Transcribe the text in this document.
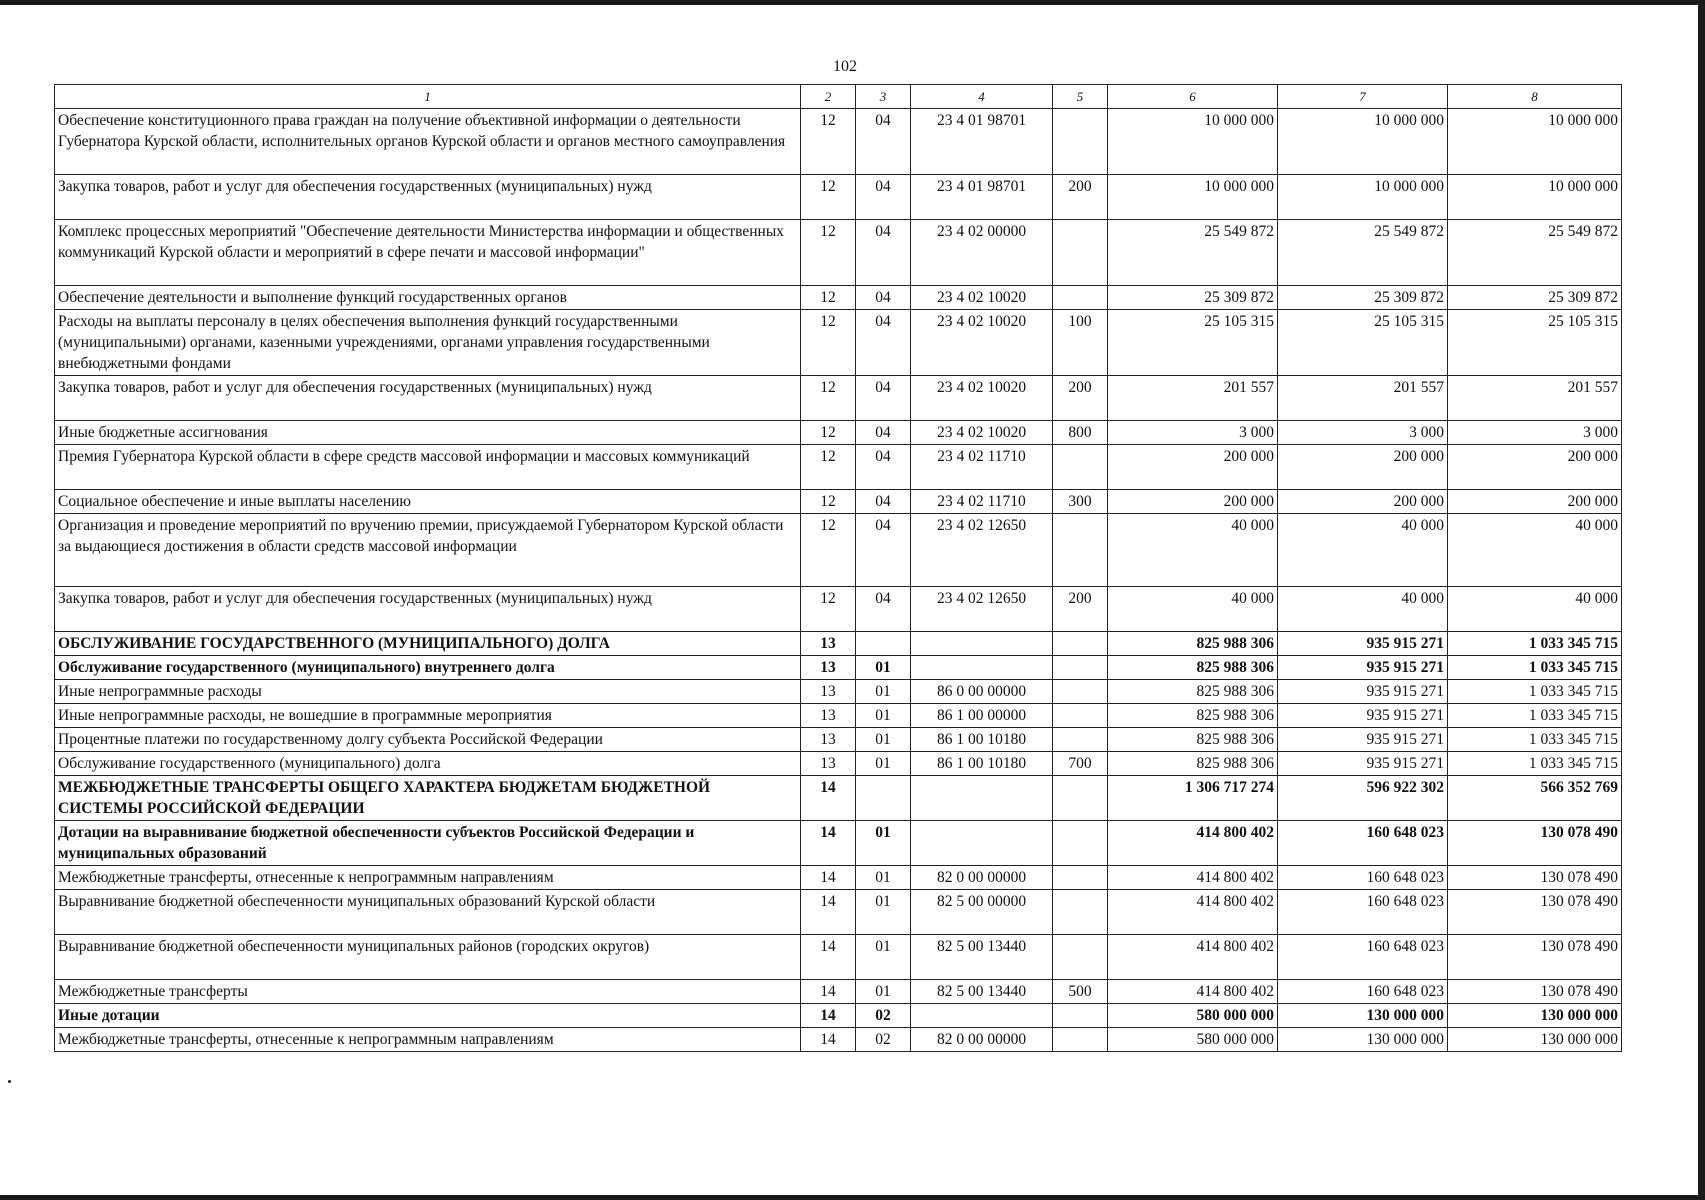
102
1	2	3	4	5	6	7	8
Обеспечение конституционного права граждан на получение объективной информации о деятельности Губернатора Курской области, исполнительных органов Курской области и органов местного самоуправления	12	04	23 4 01 98701		10 000 000	10 000 000	10 000 000
Закупка товаров, работ и услуг для обеспечения государственных (муниципальных) нужд	12	04	23 4 01 98701	200	10 000 000	10 000 000	10 000 000
Комплекс процессных мероприятий "Обеспечение деятельности Министерства информации и общественных коммуникаций Курской области и мероприятий в сфере печати и массовой информации"	12	04	23 4 02 00000		25 549 872	25 549 872	25 549 872
Обеспечение деятельности и выполнение функций государственных органов	12	04	23 4 02 10020		25 309 872	25 309 872	25 309 872
Расходы на выплаты персоналу в целях обеспечения выполнения функций государственными (муниципальными) органами, казенными учреждениями, органами управления государственными внебюджетными фондами	12	04	23 4 02 10020	100	25 105 315	25 105 315	25 105 315
Закупка товаров, работ и услуг для обеспечения государственных (муниципальных) нужд	12	04	23 4 02 10020	200	201 557	201 557	201 557
Иные бюджетные ассигнования	12	04	23 4 02 10020	800	3 000	3 000	3 000
Премия Губернатора Курской области в сфере средств массовой информации и массовых коммуникаций	12	04	23 4 02 11710		200 000	200 000	200 000
Социальное обеспечение и иные выплаты населению	12	04	23 4 02 11710	300	200 000	200 000	200 000
Организация и проведение мероприятий по вручению премии, присуждаемой Губернатором Курской области за выдающиеся достижения в области средств массовой информации	12	04	23 4 02 12650		40 000	40 000	40 000
Закупка товаров, работ и услуг для обеспечения государственных (муниципальных) нужд	12	04	23 4 02 12650	200	40 000	40 000	40 000
ОБСЛУЖИВАНИЕ ГОСУДАРСТВЕННОГО (МУНИЦИПАЛЬНОГО) ДОЛГА	13				825 988 306	935 915 271	1 033 345 715
Обслуживание государственного (муниципального) внутреннего долга	13	01			825 988 306	935 915 271	1 033 345 715
Иные непрограммные расходы	13	01	86 0 00 00000		825 988 306	935 915 271	1 033 345 715
Иные непрограммные расходы, не вошедшие в программные мероприятия	13	01	86 1 00 00000		825 988 306	935 915 271	1 033 345 715
Процентные платежи по государственному долгу субъекта Российской Федерации	13	01	86 1 00 10180		825 988 306	935 915 271	1 033 345 715
Обслуживание государственного (муниципального) долга	13	01	86 1 00 10180	700	825 988 306	935 915 271	1 033 345 715
МЕЖБЮДЖЕТНЫЕ ТРАНСФЕРТЫ ОБЩЕГО ХАРАКТЕРА БЮДЖЕТАМ БЮДЖЕТНОЙ СИСТЕМЫ РОССИЙСКОЙ ФЕДЕРАЦИИ	14				1 306 717 274	596 922 302	566 352 769
Дотации на выравнивание бюджетной обеспеченности субъектов Российской Федерации и муниципальных образований	14	01			414 800 402	160 648 023	130 078 490
Межбюджетные трансферты, отнесенные к непрограммным направлениям	14	01	82 0 00 00000		414 800 402	160 648 023	130 078 490
Выравнивание бюджетной обеспеченности муниципальных образований Курской области	14	01	82 5 00 00000		414 800 402	160 648 023	130 078 490
Выравнивание бюджетной обеспеченности муниципальных районов (городских округов)	14	01	82 5 00 13440		414 800 402	160 648 023	130 078 490
Межбюджетные трансферты	14	01	82 5 00 13440	500	414 800 402	160 648 023	130 078 490
Иные дотации	14	02			580 000 000	130 000 000	130 000 000
Межбюджетные трансферты, отнесенные к непрограммным направлениям	14	02	82 0 00 00000		580 000 000	130 000 000	130 000 000
